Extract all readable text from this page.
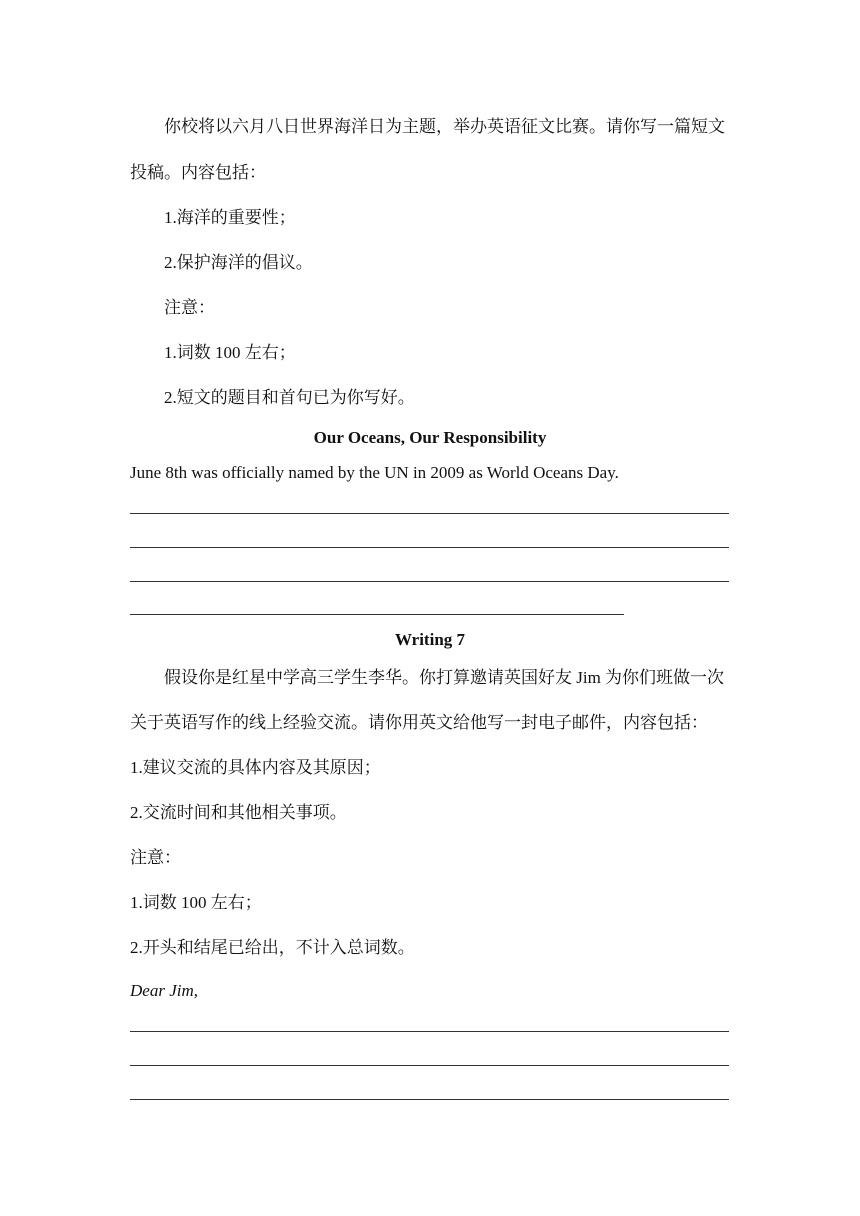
你校将以六月八日世界海洋日为主题，举办英语征文比赛。请你写一篇短文
投稿。内容包括：
1.海洋的重要性；
2.保护海洋的倡议。
注意：
1.词数 100 左右；
2.短文的题目和首句已为你写好。
Our Oceans, Our Responsibility
June 8th was officially named by the UN in 2009 as World Oceans Day.
Writing 7
假设你是红星中学高三学生李华。你打算邀请英国好友 Jim 为你们班做一次
关于英语写作的线上经验交流。请你用英文给他写一封电子邮件，内容包括：
1.建议交流的具体内容及其原因；
2.交流时间和其他相关事项。
注意：
1.词数 100 左右；
2.开头和结尾已给出，不计入总词数。
Dear Jim,
